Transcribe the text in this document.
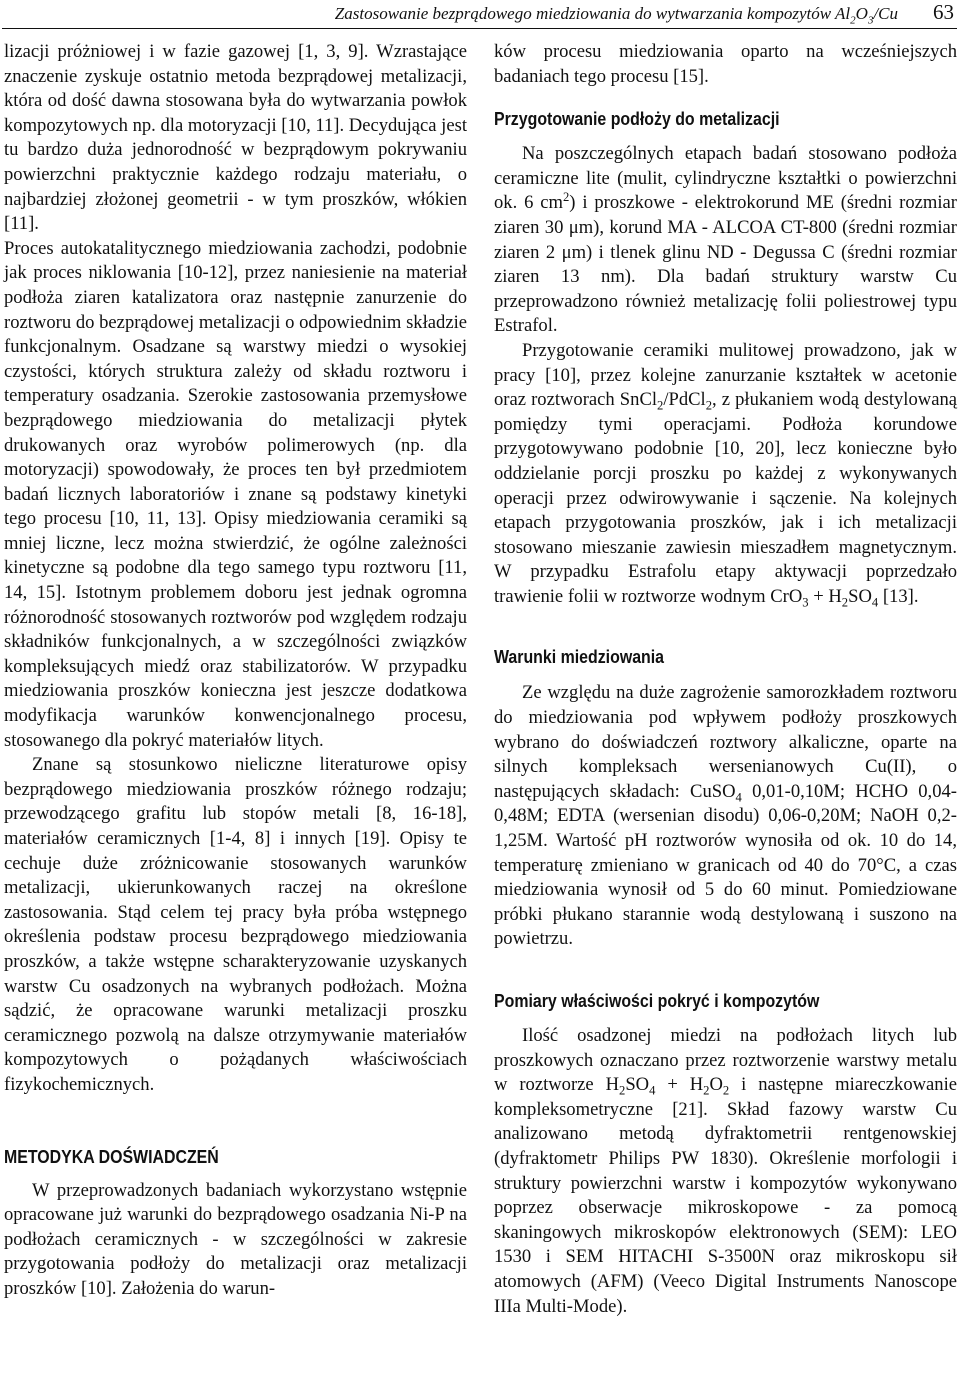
Zastosowanie bezprądowego miedziowania do wytwarzania kompozytów $Al_2O_3/Cu$ 63

lizacji próżniowej i w fazie gazowej [1, 3, 9]. Wzrastające znaczenie zyskuje ostatnio metoda bezprądowej metalizacji, która od dość dawna stosowana była do wytwarzania powłok kompozytowych np. dla motoryzacji [10, 11]. Decydująca jest tu bardzo duża jednorodność w bezprądowym pokrywaniu powierzchni praktycznie każdego rodzaju materiału, o najbardziej złożonej geometrii - w tym proszków, włókien [11].

Proces autokatalitycznego miedziowania zachodzi, podobnie jak proces niklowania [10-12], przez naniesienie na materiał podłoża ziaren katalizatora oraz następnie zanurzenie do roztworu do bezprądowej metalizacji o odpowiednim składzie funkcjonalnym. Osadzane są warstwy miedzi o wysokiej czystości, których struktura zależy od składu roztworu i temperatury osadzania. Szerokie zastosowania przemysłowe bezprądowego miedziowania do metalizacji płytek drukowanych oraz wyrobów polimerowych (np. dla motoryzacji) spowodowały, że proces ten był przedmiotem badań licznych laboratoriów i znane są podstawy kinetyki tego procesu [10, 11, 13]. Opisy miedziowania ceramiki są mniej liczne, lecz można stwierdzić, że ogólne zależności kinetyczne są podobne dla tego samego typu roztworu [11, 14, 15]. Istotnym problemem doboru jest jednak ogromna różnorodność stosowanych roztworów pod względem rodzaju składników funkcjonalnych, a w szczególności związków kompleksujących miedź oraz stabilizatorów. W przypadku miedziowania proszków konieczna jest jeszcze dodatkowa modyfikacja warunków konwencjonalnego procesu, stosowanego dla pokryć materiałów litych.

Znane są stosunkowo nieliczne literaturowe opisy bezprądowego miedziowania proszków różnego rodzaju; przewodzącego grafitu lub stopów metali [8, 16-18], materiałów ceramicznych [1-4, 8] i innych [19]. Opisy te cechuje duże zróżnicowanie stosowanych warunków metalizacji, ukierunkowanych raczej na określone zastosowania. Stąd celem tej pracy była próba wstępnego określenia podstaw procesu bezprądowego miedziowania proszków, a także wstępne scharakteryzowanie uzyskanych warstw Cu osadzonych na wybranych podłożach. Można sądzić, że opracowane warunki metalizacji proszku ceramicznego pozwolą na dalsze otrzymywanie materiałów kompozytowych o pożądanych właściwościach fizykochemicznych.

METODYKA DOŚWIADCZEŃ

W przeprowadzonych badaniach wykorzystano wstępnie opracowane już warunki do bezprądowego osadzania Ni-P na podłożach ceramicznych - w szczególności w zakresie przygotowania podłoży do metalizacji oraz metalizacji proszków [10]. Założenia do warun-

ków procesu miedziowania oparto na wcześniejszych badaniach tego procesu [15].

Przygotowanie podłoży do metalizacji

Na poszczególnych etapach badań stosowano podłoża ceramiczne lite (mulit, cylindryczne kształtki o powierzchni ok. 6 $cm^2$) i proszkowe - elektrokorund ME (średni rozmiar ziaren 30 μm), korund MA - ALCOA CT-800 (średni rozmiar ziaren 2 μm) i tlenek glinu ND - Degussa C (średni rozmiar ziaren 13 nm). Dla badań struktury warstw Cu przeprowadzono również metalizację folii poliestrowej typu Estrafol.

Przygotowanie ceramiki mulitowej prowadzono, jak w pracy [10], przez kolejne zanurzanie kształtek w acetonie oraz roztworach SnCl$_2$/PdCl$_2$, z płukaniem wodą destylowaną pomiędzy tymi operacjami. Podłoża korundowe przygotowywano podobnie [10, 20], lecz konieczne było oddzielanie porcji proszku po każdej z wykonywanych operacji przez odwirowywanie i sączenie. Na kolejnych etapach przygotowania proszków, jak i ich metalizacji stosowano mieszanie zawiesin mieszadłem magnetycznym. W przypadku Estrafolu etapy aktywacji poprzedzało trawienie folii w roztworze wodnym $CrO_3 + H_2SO_4$ [13].

Warunki miedziowania

Ze względu na duże zagrożenie samorozkładem roztworu do miedziowania pod wpływem podłoży proszkowych wybrano do doświadczeń roztwory alkaliczne, oparte na silnych kompleksach wersenianowych Cu(II), o następujących składach: CuSO$_4$ 0,01-0,10M; HCHO 0,04-0,48M; EDTA (wersenian disodu) 0,06-0,20M; NaOH 0,2-1,25M. Wartość pH roztworów wynosiła od ok. 10 do 14, temperaturę zmieniano w granicach od 40 do 70°C, a czas miedziowania wynosił od 5 do 60 minut. Pomiedziowane próbki płukano starannie wodą destylowaną i suszono na powietrzu.

Pomiary właściwości pokryć i kompozytów

Ilość osadzonej miedzi na podłożach litych lub proszkowych oznaczano przez roztworzenie warstwy metalu w roztworze $H_2SO_4 + H_2O_2$ i następne miareczkowanie kompleksometryczne [21]. Skład fazowy warstw Cu analizowano metodą dyfraktometrii rentgenowskiej (dyfraktometr Philips PW 1830). Określenie morfologii i struktury powierzchni warstw i kompozytów wykonywano poprzez obserwacje mikroskopowe - za pomocą skaningowych mikroskopów elektronowych (SEM): LEO 1530 i SEM HITACHI S-3500N oraz mikroskopu sił atomowych (AFM) (Veeco Digital Instruments Nanoscope IIIa Multi-Mode).
